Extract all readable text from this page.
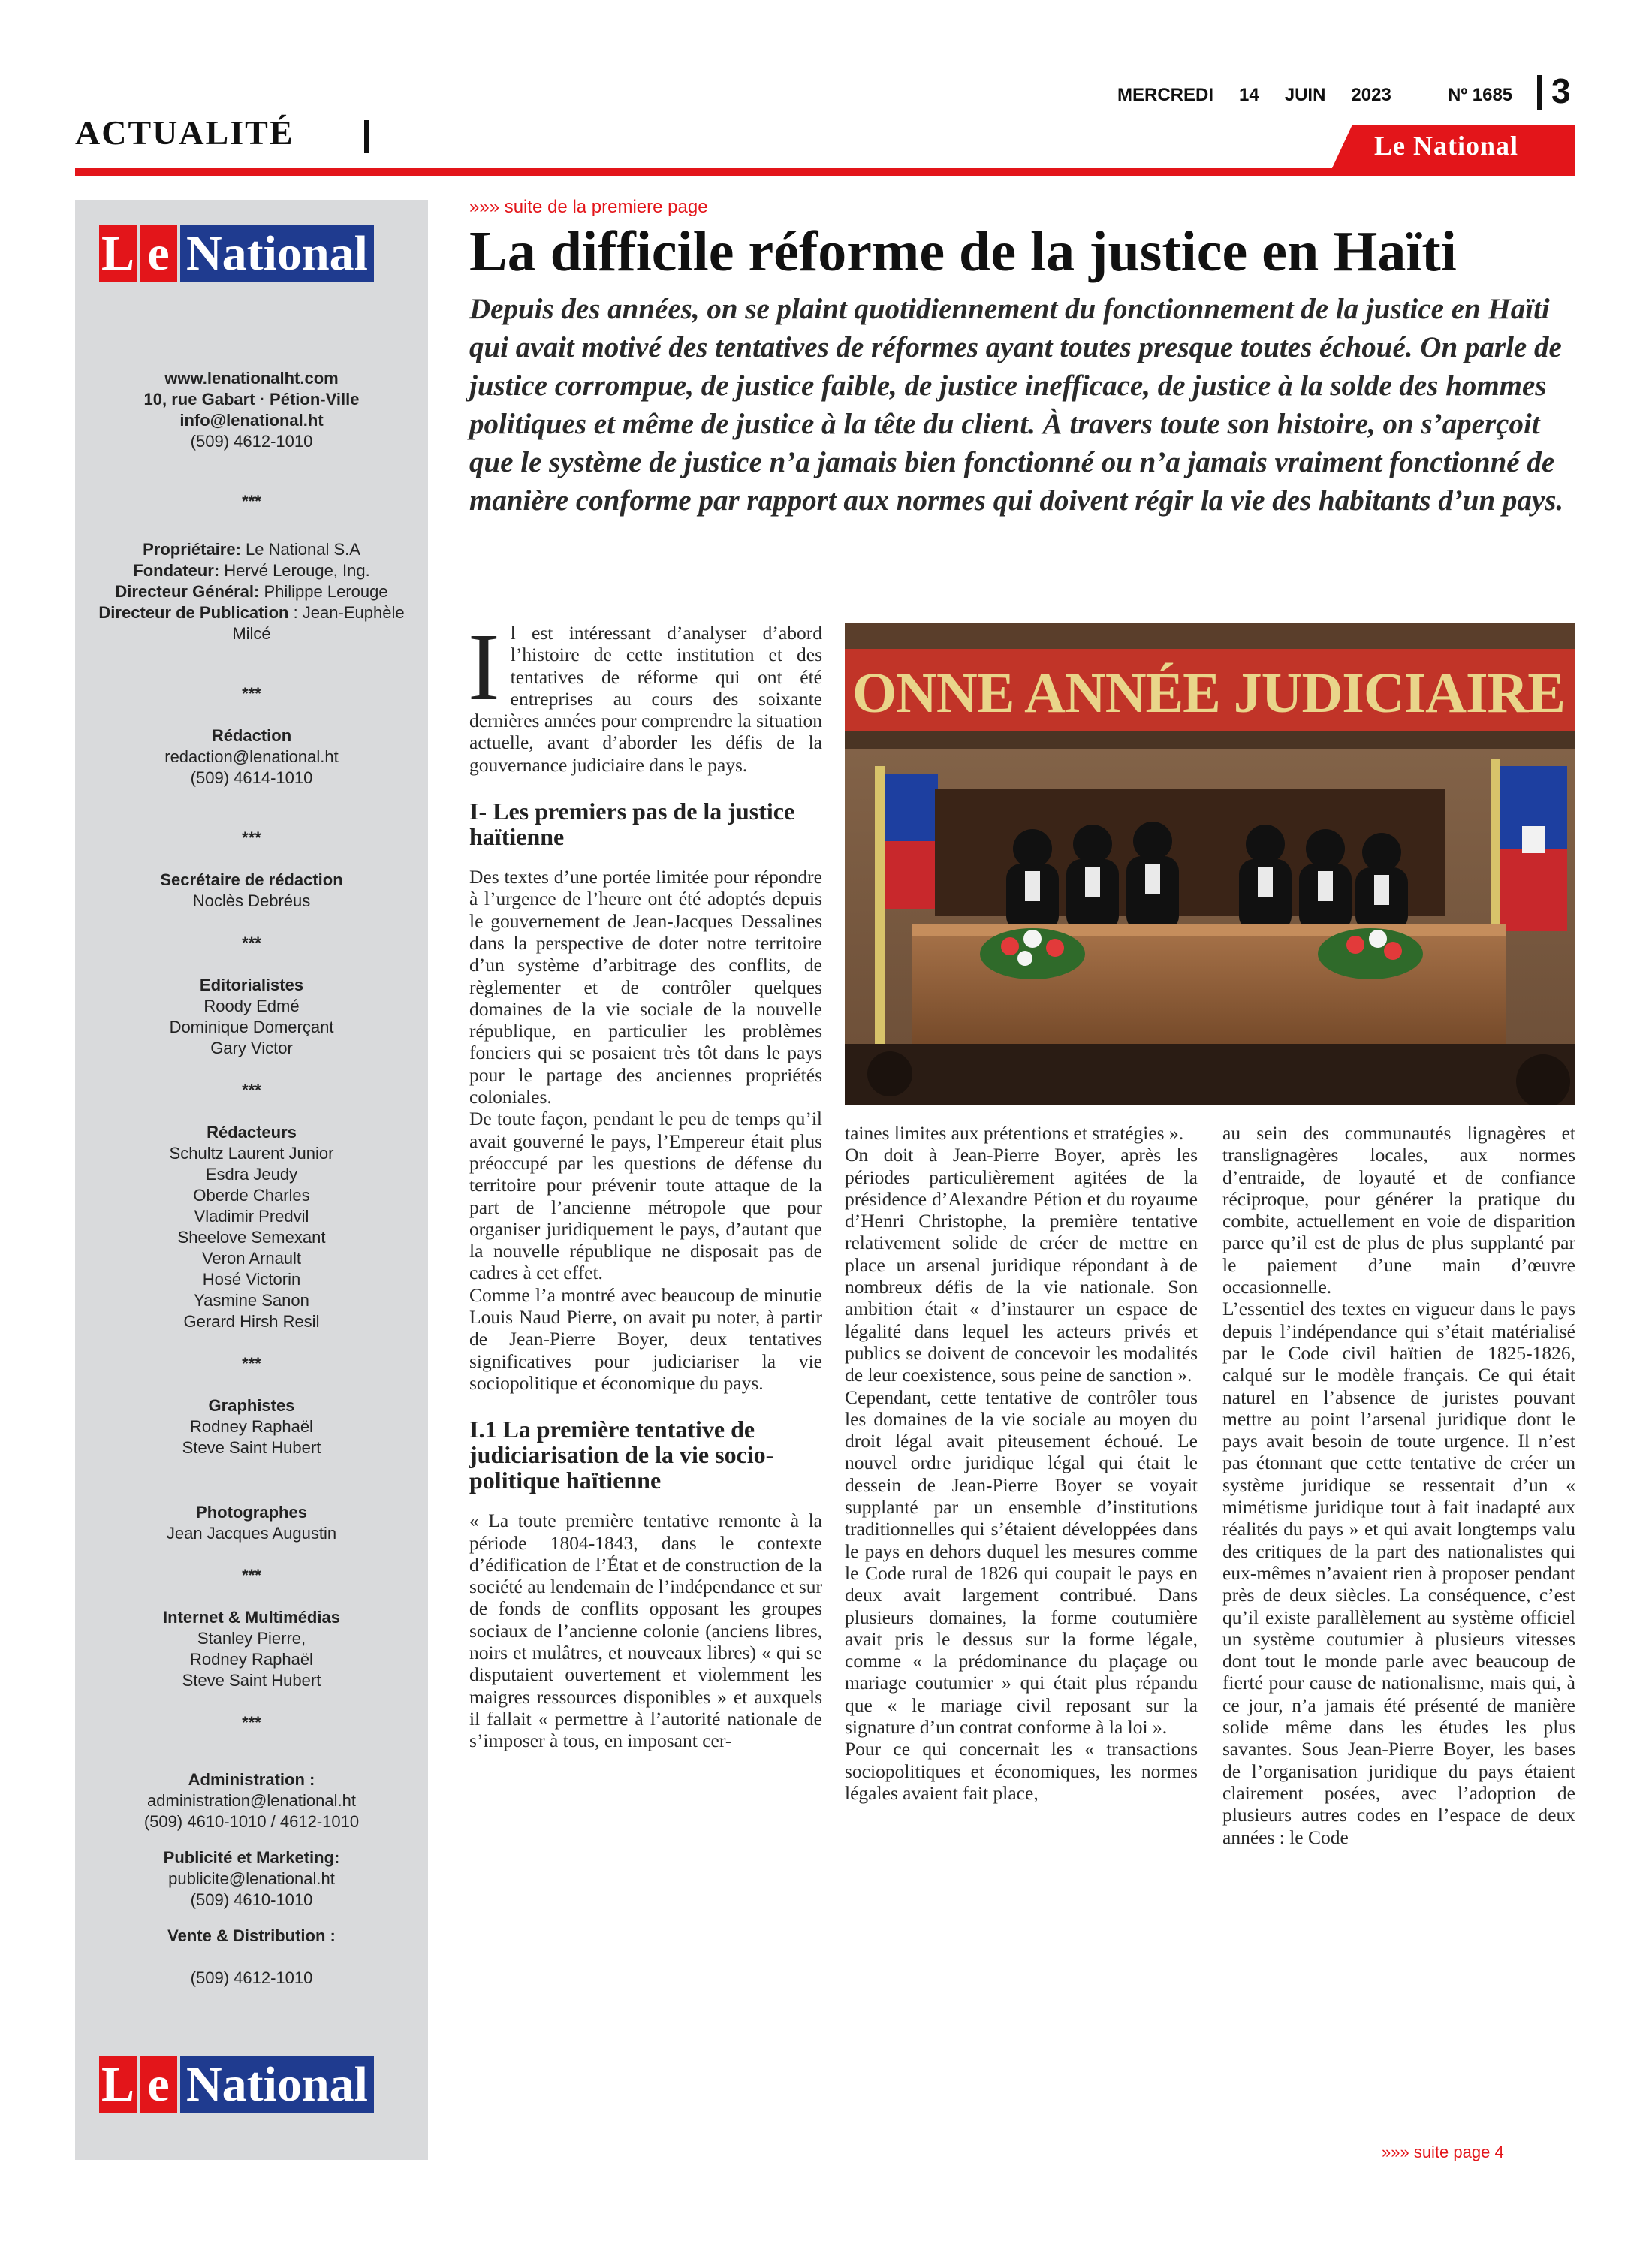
ACTUALITÉ
MERCREDI 14 JUIN 2023	Nº 1685 3
Le National
L e National
www.lenationalht.com
10, rue Gabart · Pétion-Ville
info@lenational.ht
(509) 4612-1010
***
Propriétaire: Le National S.A
Fondateur: Hervé Lerouge, Ing.
Directeur Général: Philippe Lerouge
Directeur de Publication : Jean-Euphèle
Milcé
***
Rédaction
redaction@lenational.ht
(509) 4614-1010
***
Secrétaire de rédaction
Noclès Debréus
***
Editorialistes
Roody Edmé
Dominique Domerçant
Gary Victor
***
Rédacteurs
Schultz Laurent Junior
Esdra Jeudy
Oberde Charles
Vladimir Predvil
Sheelove Semexant
Veron Arnault
Hosé Victorin
Yasmine Sanon
Gerard Hirsh Resil
***
Graphistes
Rodney Raphaël
Steve Saint Hubert
Photographes
Jean Jacques Augustin
***
Internet & Multimédias
Stanley Pierre,
Rodney Raphaël
Steve Saint Hubert
***
Administration :
administration@lenational.ht
(509) 4610-1010 / 4612-1010
Publicité et Marketing:
publicite@lenational.ht
(509) 4610-1010
Vente & Distribution :
(509) 4612-1010
L e National
»»» suite de la premiere page
La difficile réforme de la justice en Haïti
Depuis des années, on se plaint quotidiennement du fonctionnement de la justice en Haïti qui avait motivé des tentatives de réformes ayant toutes presque toutes échoué. On parle de justice corrompue, de justice faible, de justice inefficace, de justice à la solde des hommes politiques et même de justice à la tête du client. À travers toute son histoire, on s’aperçoit que le système de justice n’a jamais bien fonctionné ou n’a jamais vraiment fonctionné de manière conforme par rapport aux normes qui doivent régir la vie des habitants d’un pays.

Il est intéressant d’analyser d’abord l’histoire de cette institution et des tentatives de réforme qui ont été entreprises au cours des soixante dernières années pour comprendre la situation actuelle, avant d’aborder les défis de la gouvernance judiciaire dans le pays.

I- Les premiers pas de la justice haïtienne

Des textes d’une portée limitée pour répondre à l’urgence de l’heure ont été adoptés depuis le gouvernement de Jean-Jacques Dessalines dans la perspective de doter notre territoire d’un système d’arbitrage des conflits, de règlementer et de contrôler quelques domaines de la vie sociale de la nouvelle république, en particulier les problèmes fonciers qui se posaient très tôt dans le pays pour le partage des anciennes propriétés coloniales.

De toute façon, pendant le peu de temps qu’il avait gouverné le pays, l’Empereur était plus préoccupé par les questions de défense du territoire pour prévenir toute attaque de la part de l’ancienne métropole que pour organiser juridiquement le pays, d’autant que la nouvelle république ne disposait pas de cadres à cet effet.

Comme l’a montré avec beaucoup de minutie Louis Naud Pierre, on avait pu noter, à partir de Jean-Pierre Boyer, deux tentatives significatives pour judiciariser la vie sociopolitique et économique du pays.

I.1 La première tentative de judiciarisation de la vie socio-politique haïtienne

« La toute première tentative remonte à la période 1804-1843, dans le contexte d’édification de l’État et de construction de la société au lendemain de l’indépendance et sur de fonds de conflits opposant les groupes sociaux de l’ancienne colonie (anciens libres, noirs et mulâtres, et nouveaux libres) « qui se disputaient ouvertement et violemment les maigres ressources disponibles » et auxquels il fallait « permettre à l’autorité nationale de s’imposer à tous, en imposant cer-

ONNE ANNÉE JUDICIAIRE

taines limites aux prétentions et stratégies ».

On doit à Jean-Pierre Boyer, après les périodes particulièrement agitées de la présidence d’Alexandre Pétion et du royaume d’Henri Christophe, la première tentative relativement solide de créer de mettre en place un arsenal juridique répondant à de nombreux défis de la vie nationale. Son ambition était « d’instaurer un espace de légalité dans lequel les acteurs privés et publics se doivent de concevoir les modalités de leur coexistence, sous peine de sanction ».

Cependant, cette tentative de contrôler tous les domaines de la vie sociale au moyen du droit légal avait piteusement échoué. Le nouvel ordre juridique légal qui était le dessein de Jean-Pierre Boyer se voyait supplanté par un ensemble d’institutions traditionnelles qui s’étaient développées dans le pays en dehors duquel les mesures comme le Code rural de 1826 qui coupait le pays en deux avait largement contribué. Dans plusieurs domaines, la forme coutumière avait pris le dessus sur la forme légale, comme « la prédominance du plaçage ou mariage coutumier » qui était plus répandu que « le mariage civil reposant sur la signature d’un contrat conforme à la loi ».

Pour ce qui concernait les « transactions sociopolitiques et économiques, les normes légales avaient fait place,

au sein des communautés lignagères et translignagères locales, aux normes d’entraide, de loyauté et de confiance réciproque, pour générer la pratique du combite, actuellement en voie de disparition parce qu’il est de plus de plus supplanté par le paiement d’une main d’œuvre occasionnelle.

L’essentiel des textes en vigueur dans le pays depuis l’indépendance qui s’était matérialisé par le Code civil haïtien de 1825-1826, calqué sur le modèle français. Ce qui était naturel en l’absence de juristes pouvant mettre au point l’arsenal juridique dont le pays avait besoin de toute urgence. Il n’est pas étonnant que cette tentative de créer un système juridique se ressentait d’un « mimétisme juridique tout à fait inadapté aux réalités du pays » et qui avait longtemps valu des critiques de la part des nationalistes qui eux-mêmes n’avaient rien à proposer pendant près de deux siècles. La conséquence, c’est qu’il existe parallèlement au système officiel un système coutumier à plusieurs vitesses dont tout le monde parle avec beaucoup de fierté pour cause de nationalisme, mais qui, à ce jour, n’a jamais été présenté de manière solide même dans les études les plus savantes. Sous Jean-Pierre Boyer, les bases de l’organisation juridique du pays étaient clairement posées, avec l’adoption de plusieurs autres codes en l’espace de deux années : le Code

»»» suite page 4
